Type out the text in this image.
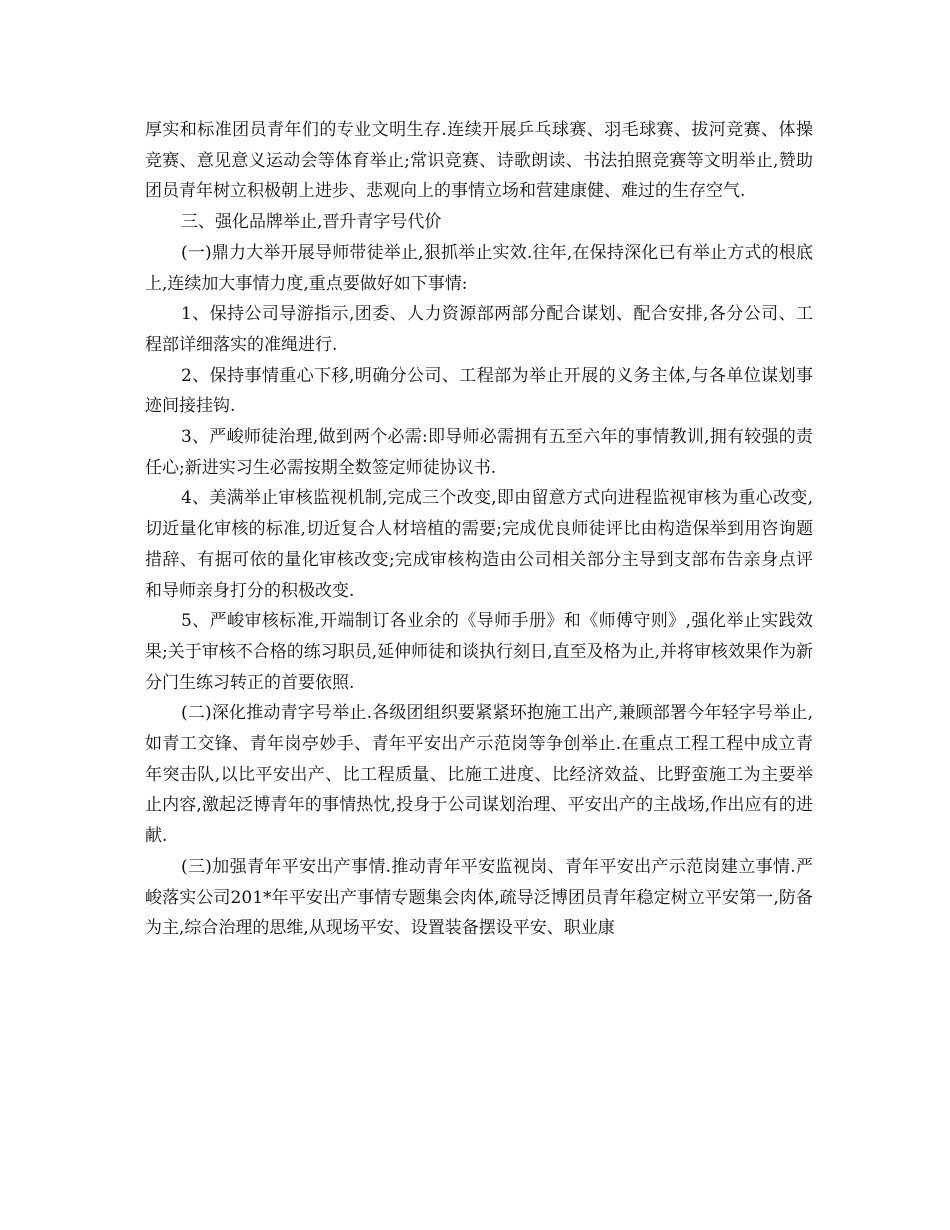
厚实和标准团员青年们的专业文明生存.连续开展乒乓球赛、羽毛球赛、拔河竞赛、体操竞赛、意见意义运动会等体育举止;常识竞赛、诗歌朗读、书法拍照竞赛等文明举止,赞助团员青年树立积极朝上进步、悲观向上的事情立场和营建康健、难过的生存空气.

三、强化品牌举止,晋升青字号代价

(一)鼎力大举开展导师带徒举止,狠抓举止实效.往年,在保持深化已有举止方式的根底上,连续加大事情力度,重点要做好如下事情:

1、保持公司导游指示,团委、人力资源部两部分配合谋划、配合安排,各分公司、工程部详细落实的准绳进行.

2、保持事情重心下移,明确分公司、工程部为举止开展的义务主体,与各单位谋划事迹间接挂钩.

3、严峻师徒治理,做到两个必需:即导师必需拥有五至六年的事情教训,拥有较强的责任心;新进实习生必需按期全数签定师徒协议书.

4、美满举止审核监视机制,完成三个改变,即由留意方式向进程监视审核为重心改变,切近量化审核的标准,切近复合人材培植的需要;完成优良师徒评比由构造保举到用咨询题措辞、有据可依的量化审核改变;完成审核构造由公司相关部分主导到支部布告亲身点评和导师亲身打分的积极改变.

5、严峻审核标准,开端制订各业余的《导师手册》和《师傅守则》,强化举止实践效果;关于审核不合格的练习职员,延伸师徒和谈执行刻日,直至及格为止,并将审核效果作为新分门生练习转正的首要依照.

(二)深化推动青字号举止.各级团组织要紧紧环抱施工出产,兼顾部署今年轻字号举止,如青工交锋、青年岗亭妙手、青年平安出产示范岗等争创举止.在重点工程工程中成立青年突击队,以比平安出产、比工程质量、比施工进度、比经济效益、比野蛮施工为主要举止内容,激起泛博青年的事情热忱,投身于公司谋划治理、平安出产的主战场,作出应有的进献.

(三)加强青年平安出产事情.推动青年平安监视岗、青年平安出产示范岗建立事情.严峻落实公司201*年平安出产事情专题集会肉体,疏导泛博团员青年稳定树立平安第一,防备为主,综合治理的思维,从现场平安、设置装备摆设平安、职业康
